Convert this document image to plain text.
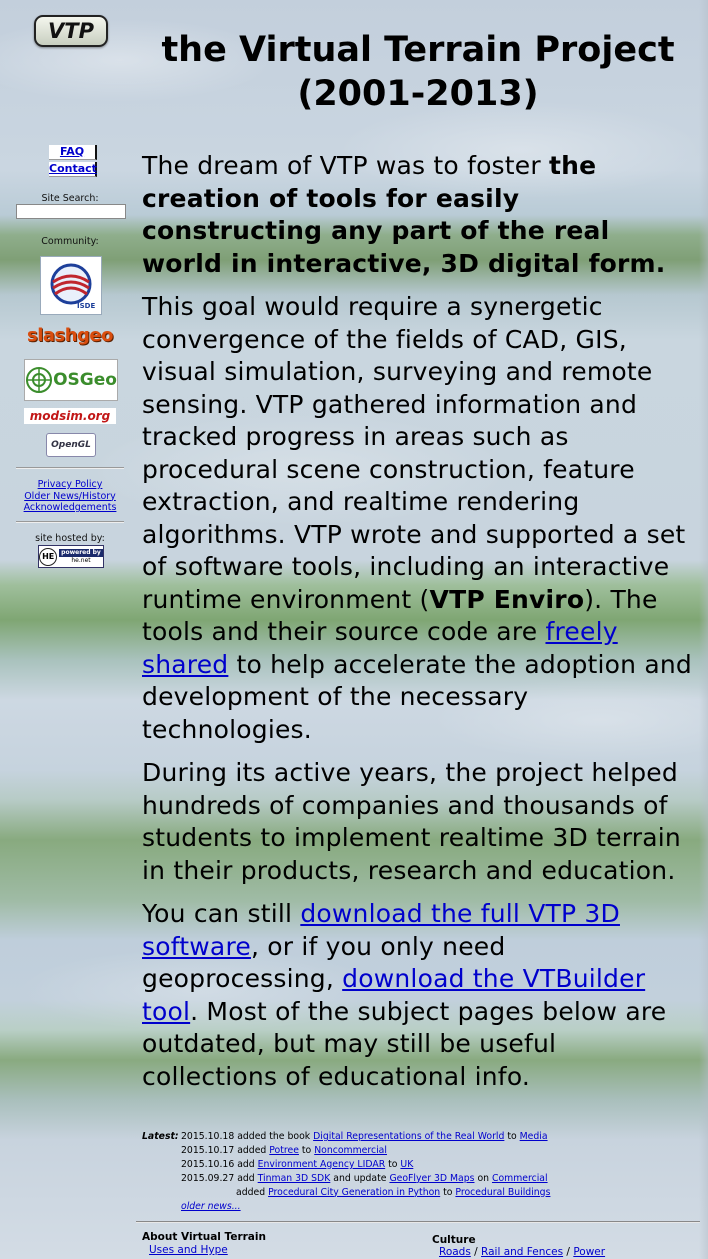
VTP
FAQ
Contact
Site Search:
Community:
ISDE
slashgeo
OSGeo
modsim.org
OpenGL
Privacy Policy
Older News/History
Acknowledgements
site hosted by:
HE	powered by
he.net
the Virtual Terrain Project (2001-2013)

The dream of VTP was to foster the creation of tools for easily constructing any part of the real world in interactive, 3D digital form.

This goal would require a synergetic convergence of the fields of CAD, GIS, visual simulation, surveying and remote sensing. VTP gathered information and tracked progress in areas such as procedural scene construction, feature extraction, and realtime rendering algorithms. VTP wrote and supported a set of software tools, including an interactive runtime environment (VTP Enviro). The tools and their source code are freely shared to help accelerate the adoption and development of the necessary technologies.

During its active years, the project helped hundreds of companies and thousands of students to implement realtime 3D terrain in their products, research and education.

You can still download the full VTP 3D software, or if you only need geoprocessing, download the VTBuilder tool. Most of the subject pages below are outdated, but may still be useful collections of educational info.

Latest: 2015.10.18 added the book Digital Representations of the Real World to Media
2015.10.17 added Potree to Noncommercial
2015.10.16 add Environment Agency LIDAR to UK
2015.09.27 add Tinman 3D SDK and update GeoFlyer 3D Maps on Commercial
added Procedural City Generation in Python to Procedural Buildings
older news...
About Virtual Terrain
Uses and Hype
Culture
Roads / Rail and Fences / Power
